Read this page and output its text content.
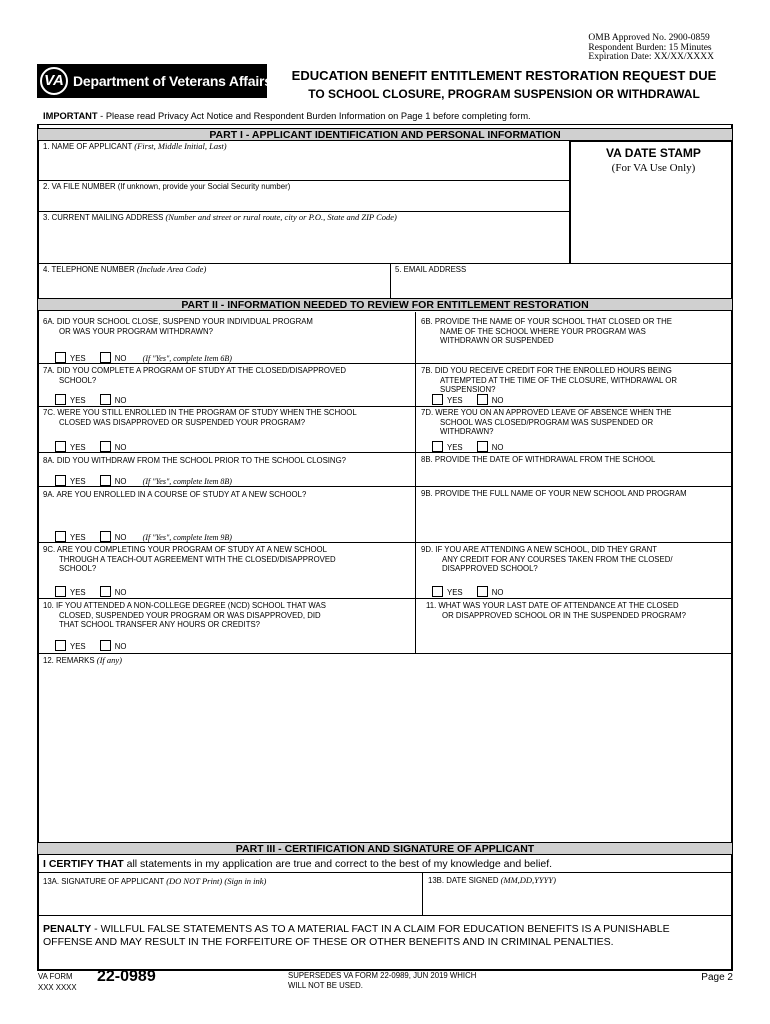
OMB Approved No. 2900-0859
Respondent Burden: 15 Minutes
Expiration Date: XX/XX/XXXX
VA Department of Veterans Affairs	EDUCATION BENEFIT ENTITLEMENT RESTORATION REQUEST DUE
TO SCHOOL CLOSURE, PROGRAM SUSPENSION OR WITHDRAWAL
IMPORTANT - Please read Privacy Act Notice and Respondent Burden Information on Page 1 before completing form.
PART I - APPLICANT IDENTIFICATION AND PERSONAL INFORMATION
1. NAME OF APPLICANT (First, Middle Initial, Last)	VA DATE STAMP
(For VA Use Only)
2. VA FILE NUMBER (If unknown, provide your Social Security number)
3. CURRENT MAILING ADDRESS (Number and street or rural route, city or P.O., State and ZIP Code)
4. TELEPHONE NUMBER (Include Area Code)	5. EMAIL ADDRESS
PART II - INFORMATION NEEDED TO REVIEW FOR ENTITLEMENT RESTORATION
6A. DID YOUR SCHOOL CLOSE, SUSPEND YOUR INDIVIDUAL PROGRAM
OR WAS YOUR PROGRAM WITHDRAWN?
YES	NO (If "Yes", complete Item 6B)
6B. PROVIDE THE NAME OF YOUR SCHOOL THAT CLOSED OR THE
NAME OF THE SCHOOL WHERE YOUR PROGRAM WAS
WITHDRAWN OR SUSPENDED
7A. DID YOU COMPLETE A PROGRAM OF STUDY AT THE CLOSED/DISAPPROVED
SCHOOL?
YES	NO
7B. DID YOU RECEIVE CREDIT FOR THE ENROLLED HOURS BEING
ATTEMPTED AT THE TIME OF THE CLOSURE, WITHDRAWAL OR
SUSPENSION?
YES	NO
7C. WERE YOU STILL ENROLLED IN THE PROGRAM OF STUDY WHEN THE SCHOOL
CLOSED WAS DISAPPROVED OR SUSPENDED YOUR PROGRAM?
YES	NO
7D. WERE YOU ON AN APPROVED LEAVE OF ABSENCE WHEN THE
SCHOOL WAS CLOSED/PROGRAM WAS SUSPENDED OR
WITHDRAWN?
YES	NO
8A. DID YOU WITHDRAW FROM THE SCHOOL PRIOR TO THE SCHOOL CLOSING?
YES	NO (If "Yes", complete Item 8B)
8B. PROVIDE THE DATE OF WITHDRAWAL FROM THE SCHOOL
9A. ARE YOU ENROLLED IN A COURSE OF STUDY AT A NEW SCHOOL?
YES	NO (If "Yes", complete Item 9B)
9B. PROVIDE THE FULL NAME OF YOUR NEW SCHOOL AND PROGRAM
9C. ARE YOU COMPLETING YOUR PROGRAM OF STUDY AT A NEW SCHOOL
THROUGH A TEACH-OUT AGREEMENT WITH THE CLOSED/DISAPPROVED
SCHOOL?
YES	NO
9D. IF YOU ARE ATTENDING A NEW SCHOOL, DID THEY GRANT
ANY CREDIT FOR ANY COURSES TAKEN FROM THE CLOSED/
DISAPPROVED SCHOOL?
YES	NO
10. IF YOU ATTENDED A NON-COLLEGE DEGREE (NCD) SCHOOL THAT WAS
CLOSED, SUSPENDED YOUR PROGRAM OR WAS DISAPPROVED, DID
THAT SCHOOL TRANSFER ANY HOURS OR CREDITS?
YES	NO
11. WHAT WAS YOUR LAST DATE OF ATTENDANCE AT THE CLOSED
OR DISAPPROVED SCHOOL OR IN THE SUSPENDED PROGRAM?
12. REMARKS (If any)
PART III - CERTIFICATION AND SIGNATURE OF APPLICANT
I CERTIFY THAT all statements in my application are true and correct to the best of my knowledge and belief.
13A. SIGNATURE OF APPLICANT (DO NOT Print) (Sign in ink)	13B. DATE SIGNED (MM,DD,YYYY)
PENALTY - WILLFUL FALSE STATEMENTS AS TO A MATERIAL FACT IN A CLAIM FOR EDUCATION BENEFITS IS A PUNISHABLE
OFFENSE AND MAY RESULT IN THE FORFEITURE OF THESE OR OTHER BENEFITS AND IN CRIMINAL PENALTIES.
VA FORM
XXX XXXX
22-0989	SUPERSEDES VA FORM 22-0989, JUN 2019 WHICH
WILL NOT BE USED.
Page 2
